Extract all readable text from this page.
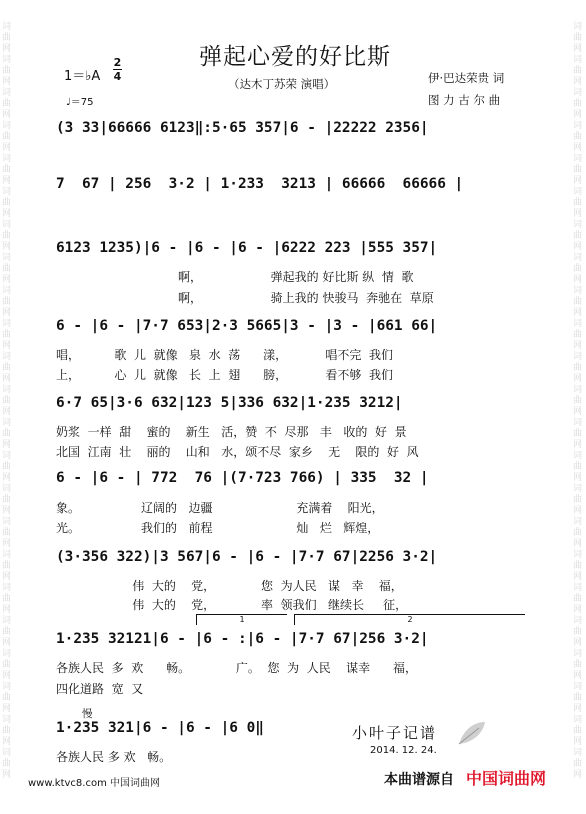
词
曲
网
词
曲
网
词
曲
网
词
曲
网
词
曲
网
词
曲
网
词
曲
网
词
曲
网
词
曲
网
词
曲
网
词
曲
网
词
曲
网
词
曲
网
词
曲
网
词
曲
网
词
曲
网
词
曲
网
词
曲
网
词
曲
网
词
曲
网
词
曲
网
词
曲
网
词
曲
网
词
曲
网
词
曲
网
词
曲
网
词
曲
网
词
曲
网
词
曲
网
词
曲
网
词
曲
网
词
曲
网
词
曲
网
词
曲
网
词
曲
网
词
曲
网
词
曲
网
词
曲
网
词
曲
网
词
曲
网
词
曲
网
词
曲
网
词
曲
网
词
曲
网
词
曲
网
词
曲
网
弹起心爱的好比斯
（达木丁苏荣 演唱）	伊·巴达荣贵 词
图 力 古 尔 曲
1＝♭A
2
4
♩＝75
(3 33|66666 6123‖:5·65 357|6 - |22222 2356|
7  67 | 256  3·2 | 1·233  3213 | 66666  66666 |
6123 1235)|6 - |6 - |6 - |6222 223 |555 357|
啊，                  弹起我的 好比斯 纵  情  歌
啊，                  骑上我的 快骏马  奔驰在  草原
6 - |6 - |7·7 653|2·3 5665|3 - |3 - |661 66|
唱，         歌  儿  就像   泉  水  荡      漾，          唱不完  我们
上，         心  儿  就像   长  上  翅      膀，          看不够  我们
6·7 65|3·6 632|123 5|336 632|1·235 3212|
奶浆  一样  甜    蜜的    新生   活，赞  不  尽那   丰   收的  好  景
北国  江南  壮    丽的    山和   水，颂不尽  家乡    无    限的  好  风
6 - |6 - | 772  76 |(7·723 766) | 335  32 |
象。                辽阔的   边疆                      充满着    阳光，
光。                我们的   前程                      灿   烂   辉煌，
(3·356 322)|3 567|6 - |6 - |7·7 67|2256 3·2|
伟  大的    党，            您  为人民   谋   幸    福，
伟  大的    党，            率  领我们   继续长     征，
1	2
1·235 32121|6 - |6 - :|6 - |7·7 67|256 3·2|
各族人民  多  欢      畅。            广。  您  为  人民    谋幸      福，
四化道路  宽  又
慢
1·235 321|6 - |6 - |6 0‖
各族人民 多 欢   畅。
小叶子记谱
2014. 12. 24.
本曲谱源自 中国词曲网
www.ktvc8.com 中国词曲网
